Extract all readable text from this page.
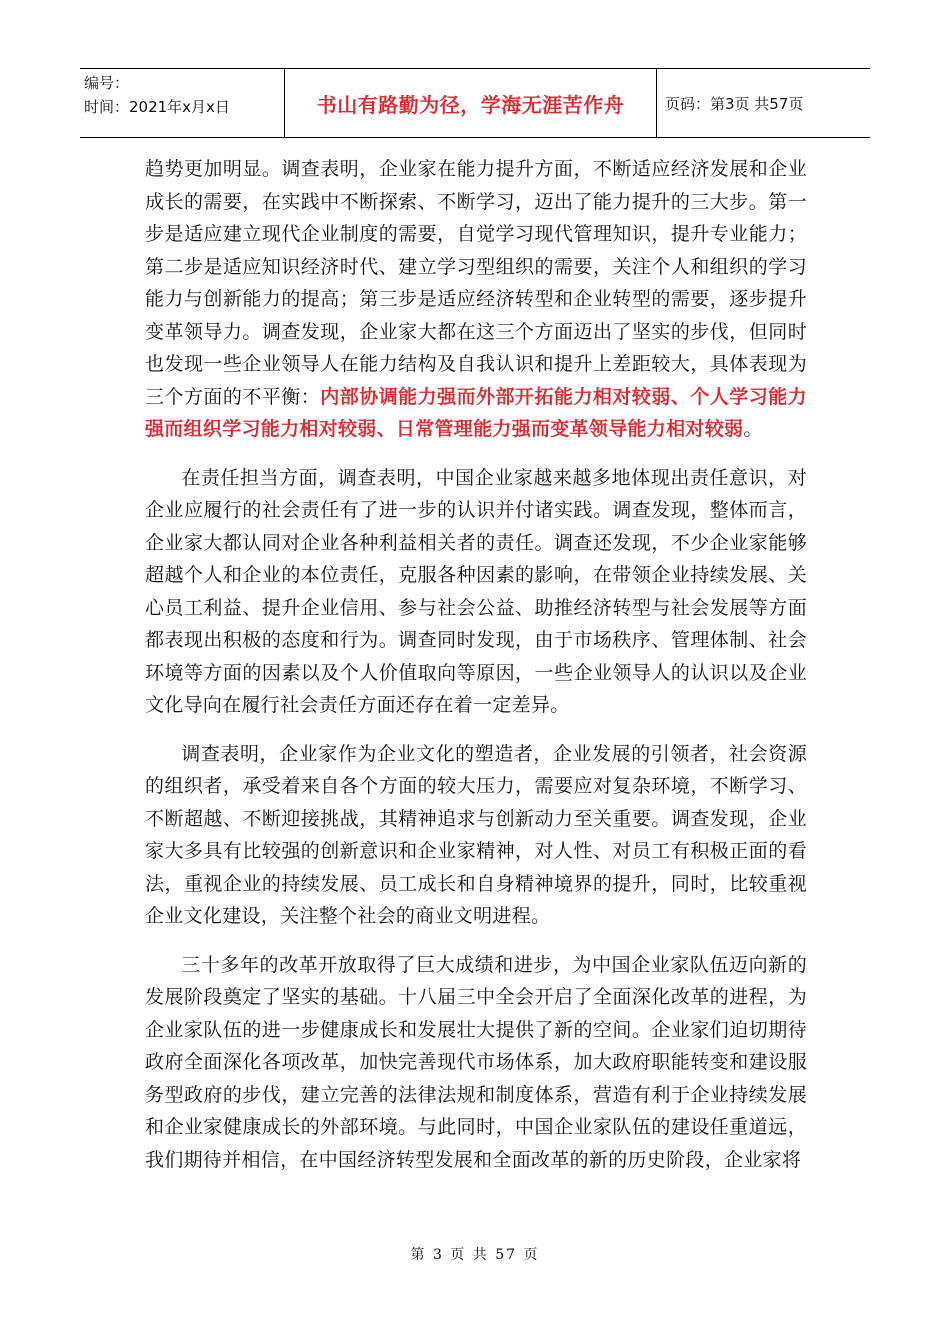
编号：
时间：2021年x月x日	书山有路勤为径，学海无涯苦作舟	页码：第3页 共57页

趋势更加明显。调查表明，企业家在能力提升方面，不断适应经济发展和企业成长的需要，在实践中不断探索、不断学习，迈出了能力提升的三大步。第一步是适应建立现代企业制度的需要，自觉学习现代管理知识，提升专业能力；第二步是适应知识经济时代、建立学习型组织的需要，关注个人和组织的学习能力与创新能力的提高；第三步是适应经济转型和企业转型的需要，逐步提升变革领导力。调查发现，企业家大都在这三个方面迈出了坚实的步伐，但同时也发现一些企业领导人在能力结构及自我认识和提升上差距较大，具体表现为三个方面的不平衡：内部协调能力强而外部开拓能力相对较弱、个人学习能力强而组织学习能力相对较弱、日常管理能力强而变革领导能力相对较弱。

在责任担当方面，调查表明，中国企业家越来越多地体现出责任意识，对企业应履行的社会责任有了进一步的认识并付诸实践。调查发现，整体而言，企业家大都认同对企业各种利益相关者的责任。调查还发现，不少企业家能够超越个人和企业的本位责任，克服各种因素的影响，在带领企业持续发展、关心员工利益、提升企业信用、参与社会公益、助推经济转型与社会发展等方面都表现出积极的态度和行为。调查同时发现，由于市场秩序、管理体制、社会环境等方面的因素以及个人价值取向等原因，一些企业领导人的认识以及企业文化导向在履行社会责任方面还存在着一定差异。

调查表明，企业家作为企业文化的塑造者，企业发展的引领者，社会资源的组织者，承受着来自各个方面的较大压力，需要应对复杂环境，不断学习、不断超越、不断迎接挑战，其精神追求与创新动力至关重要。调查发现，企业家大多具有比较强的创新意识和企业家精神，对人性、对员工有积极正面的看法，重视企业的持续发展、员工成长和自身精神境界的提升，同时，比较重视企业文化建设，关注整个社会的商业文明进程。

三十多年的改革开放取得了巨大成绩和进步，为中国企业家队伍迈向新的发展阶段奠定了坚实的基础。十八届三中全会开启了全面深化改革的进程，为企业家队伍的进一步健康成长和发展壮大提供了新的空间。企业家们迫切期待政府全面深化各项改革，加快完善现代市场体系，加大政府职能转变和建设服务型政府的步伐，建立完善的法律法规和制度体系，营造有利于企业持续发展和企业家健康成长的外部环境。与此同时，中国企业家队伍的建设任重道远，我们期待并相信，在中国经济转型发展和全面改革的新的历史阶段，企业家将

第 3 页 共 57 页
